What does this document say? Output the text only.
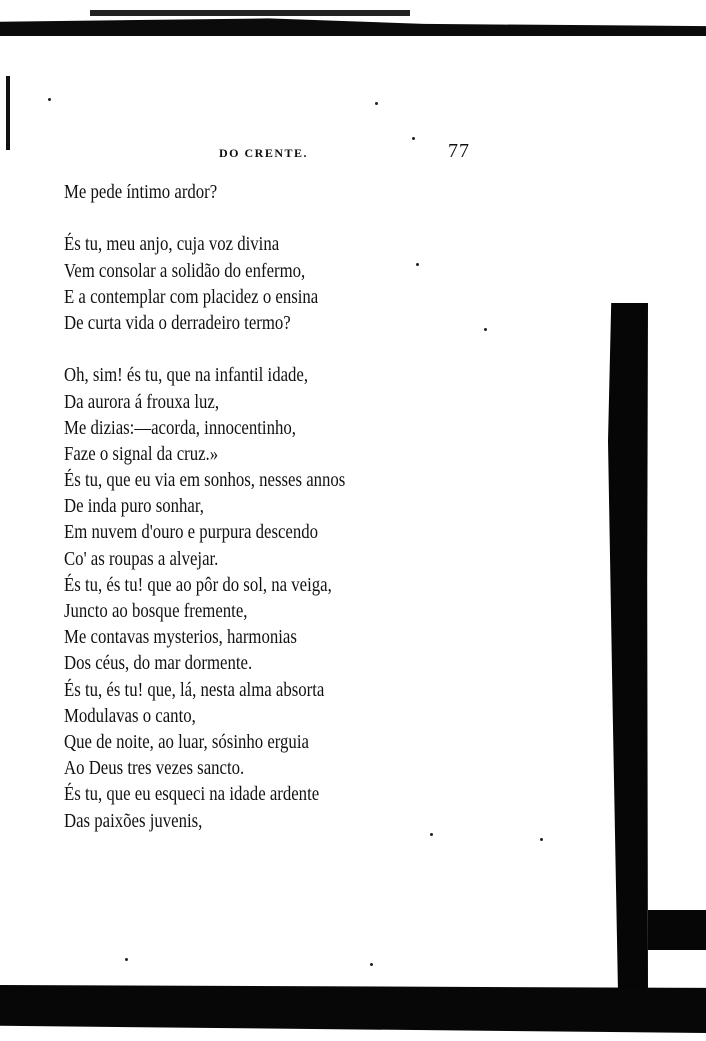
DO CRENTE.	77
Me pede íntimo ardor?
És tu, meu anjo, cuja voz divina
Vem consolar a solidão do enfermo,
E a contemplar com placidez o ensina
De curta vida o derradeiro termo?
Oh, sim! és tu, que na infantil idade,
Da aurora á frouxa luz,
Me dizias:—acorda, innocentinho,
Faze o signal da cruz.»
És tu, que eu via em sonhos, nesses annos
De inda puro sonhar,
Em nuvem d'ouro e purpura descendo
Co' as roupas a alvejar.
És tu, és tu! que ao pôr do sol, na veiga,
Juncto ao bosque fremente,
Me contavas mysterios, harmonias
Dos céus, do mar dormente.
És tu, és tu! que, lá, nesta alma absorta
Modulavas o canto,
Que de noite, ao luar, sósinho erguia
Ao Deus tres vezes sancto.
És tu, que eu esqueci na idade ardente
Das paixões juvenis,
